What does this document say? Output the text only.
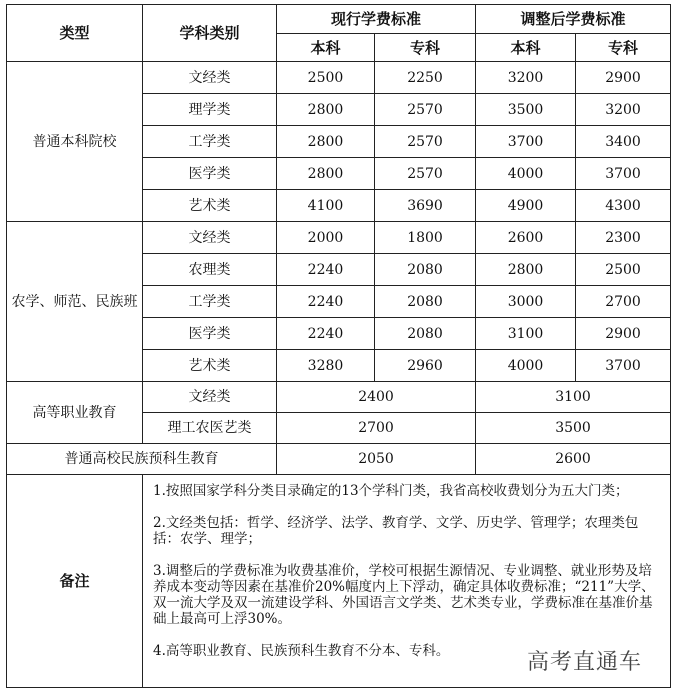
类型	学科类别	现行学费标准		调整后学费标准	
		本科	专科	本科	专科
普通本科院校	文经类	2500	2250	3200	2900
	理学类	2800	2570	3500	3200
	工学类	2800	2570	3700	3400
	医学类	2800	2570	4000	3700
	艺术类	4100	3690	4900	4300
农学、师范、民族班	文经类	2000	1800	2600	2300
	农理类	2240	2080	2800	2500
	工学类	2240	2080	3000	2700
	医学类	2240	2080	3100	2900
	艺术类	3280	2960	4000	3700
高等职业教育	文经类	2400		3100	
	理工农医艺类	2700		3500	
普通高校民族预科生教育		2050		2600	
备注	1.按照国家学科分类目录确定的13个学科门类，我省高校收费划分为五大门类；

2.文经类包括：哲学、经济学、法学、教育学、文学、历史学、管理学；农理类包括：农学、理学；

3.调整后的学费标准为收费基准价，学校可根据生源情况、专业调整、就业形势及培养成本变动等因素在基准价20%幅度内上下浮动，确定具体收费标准；“211”大学、双一流大学及双一流建设学科、外国语言文学类、艺术类专业，学费标准在基准价基础上最高可上浮30%。

4.高等职业教育、民族预科生教育不分本、专科。					高考直通车
